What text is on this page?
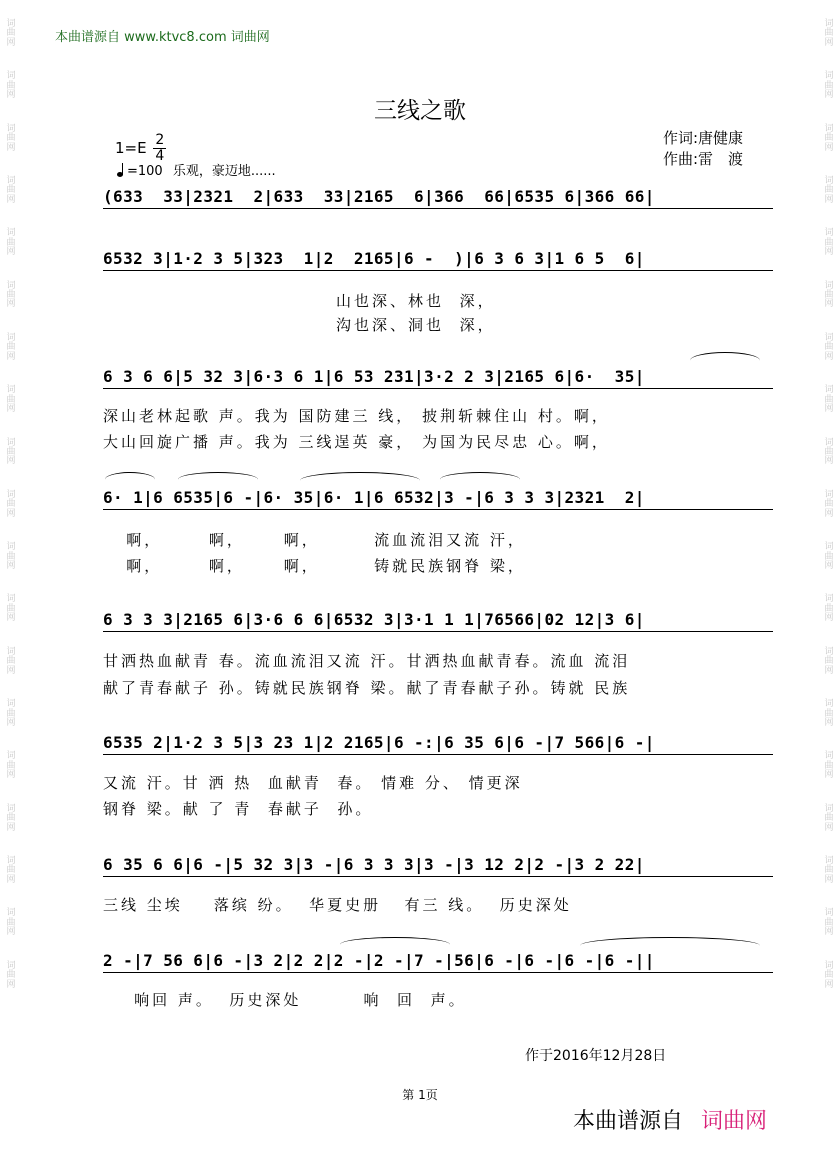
词曲网
词曲网
词曲网
词曲网
词曲网
词曲网
词曲网
词曲网
词曲网
词曲网
词曲网
词曲网
词曲网
词曲网
词曲网
词曲网
词曲网
词曲网
词曲网
词曲网
词曲网
词曲网
词曲网
词曲网
词曲网
词曲网
词曲网
词曲网
词曲网
词曲网
词曲网
词曲网
词曲网
词曲网
词曲网
词曲网
词曲网
词曲网
本曲谱源自 www.ktvc8.com 词曲网
三线之歌
$1=E \frac{2}{4}$
=100 乐观，豪迈地......
作词:唐健康
作曲:雷　渡
(633  33|2321  2|633  33|2165  6|366  66|6535 6|366 66|
6532 3|1·2 3 5|323  1|2  2165|6 -  )|6 3 6 3|1 6 5  6|
山也深、林也  深，
沟也深、洞也  深，
6 3 6 6|5 32 3|6·3 6 1|6 53 231|3·2 2 3|2165 6|6·  35|
深山老林起歌 声。我为 国防建三 线， 披荆斩棘住山 村。啊，
大山回旋广播 声。我为 三线逞英 豪， 为国为民尽忠 心。啊，
6· 1|6 6535|6 -|6· 35|6· 1|6 6532|3 -|6 3 3 3|2321  2|
啊，      啊，     啊，       流血流泪又流 汗，
啊，      啊，     啊，       铸就民族钢脊 梁，
6 3 3 3|2165 6|3·6 6 6|6532 3|3·1 1 1|76566|02 12|3 6|
甘洒热血献青 春。流血流泪又流 汗。甘洒热血献青春。流血 流泪
献了青春献子 孙。铸就民族钢脊 梁。献了青春献子孙。铸就 民族
6535 2|1·2 3 5|3 23 1|2 2165|6 -:|6 35 6|6 -|7 566|6 -|
又流 汗。甘 洒 热  血献青  春。 情难 分、 情更深
钢脊 梁。献 了 青  春献子  孙。
6 35 6 6|6 -|5 32 3|3 -|6 3 3 3|3 -|3 12 2|2 -|3 2 22|
三线 尘埃    落缤 纷。  华夏史册   有三 线。  历史深处
2 -|7 56 6|6 -|3 2|2 2|2 -|2 -|7 -|56|6 -|6 -|6 -|6 -||
响回 声。  历史深处        响  回  声。
作于2016年12月28日
第 1页
本曲谱源自 词曲网
